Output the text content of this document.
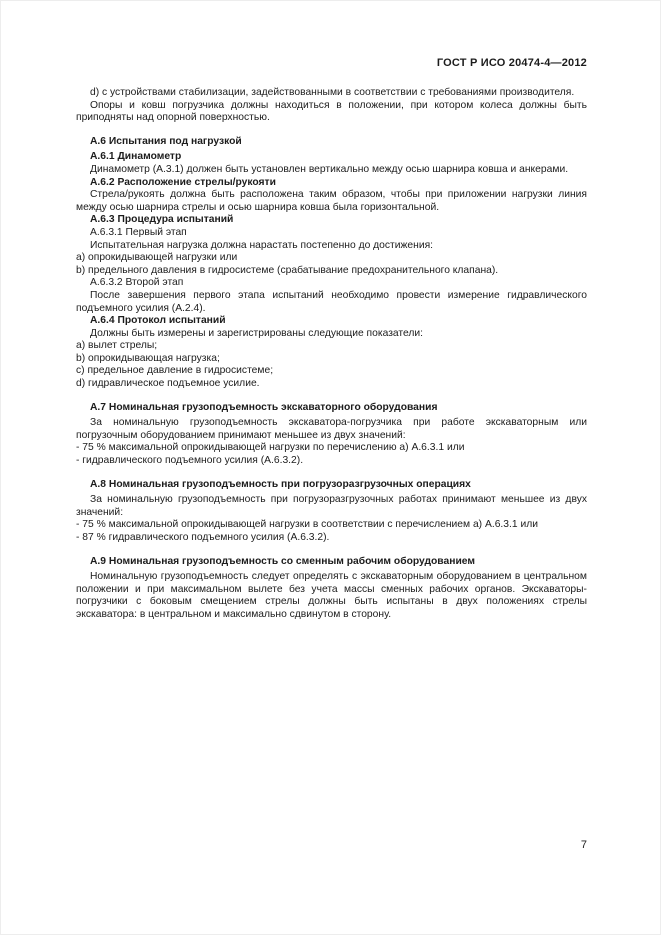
ГОСТ Р ИСО 20474-4—2012
d) с устройствами стабилизации, задействованными в соответствии с требованиями производителя.
Опоры и ковш погрузчика должны находиться в положении, при котором колеса должны быть приподняты над опорной поверхностью.
А.6 Испытания под нагрузкой
А.6.1 Динамометр
Динамометр (А.3.1) должен быть установлен вертикально между осью шарнира ковша и анкерами.
А.6.2 Расположение стрелы/рукояти
Стрела/рукоять должна быть расположена таким образом, чтобы при приложении нагрузки линия между осью шарнира стрелы и осью шарнира ковша была горизонтальной.
А.6.3 Процедура испытаний
А.6.3.1 Первый этап
Испытательная нагрузка должна нарастать постепенно до достижения:
а) опрокидывающей нагрузки или
b) предельного давления в гидросистеме (срабатывание предохранительного клапана).
А.6.3.2 Второй этап
После завершения первого этапа испытаний необходимо провести измерение гидравлического подъемного усилия (А.2.4).
А.6.4 Протокол испытаний
Должны быть измерены и зарегистрированы следующие показатели:
а) вылет стрелы;
b) опрокидывающая нагрузка;
c) предельное давление в гидросистеме;
d) гидравлическое подъемное усилие.
А.7 Номинальная грузоподъемность экскаваторного оборудования
За номинальную грузоподъемность экскаватора-погрузчика при работе экскаваторным или погрузочным оборудованием принимают меньшее из двух значений:
- 75 % максимальной опрокидывающей нагрузки по перечислению а) А.6.3.1 или
- гидравлического подъемного усилия (А.6.3.2).
А.8 Номинальная грузоподъемность при погрузоразгрузочных операциях
За номинальную грузоподъемность при погрузоразгрузочных работах принимают меньшее из двух значений:
- 75 % максимальной опрокидывающей нагрузки в соответствии с перечислением а) А.6.3.1 или
- 87 % гидравлического подъемного усилия (А.6.3.2).
А.9 Номинальная грузоподъемность со сменным рабочим оборудованием
Номинальную грузоподъемность следует определять с экскаваторным оборудованием в центральном положении и при максимальном вылете без учета массы сменных рабочих органов. Экскаваторы-погрузчики с боковым смещением стрелы должны быть испытаны в двух положениях стрелы экскаватора: в центральном и максимально сдвинутом в сторону.
7
